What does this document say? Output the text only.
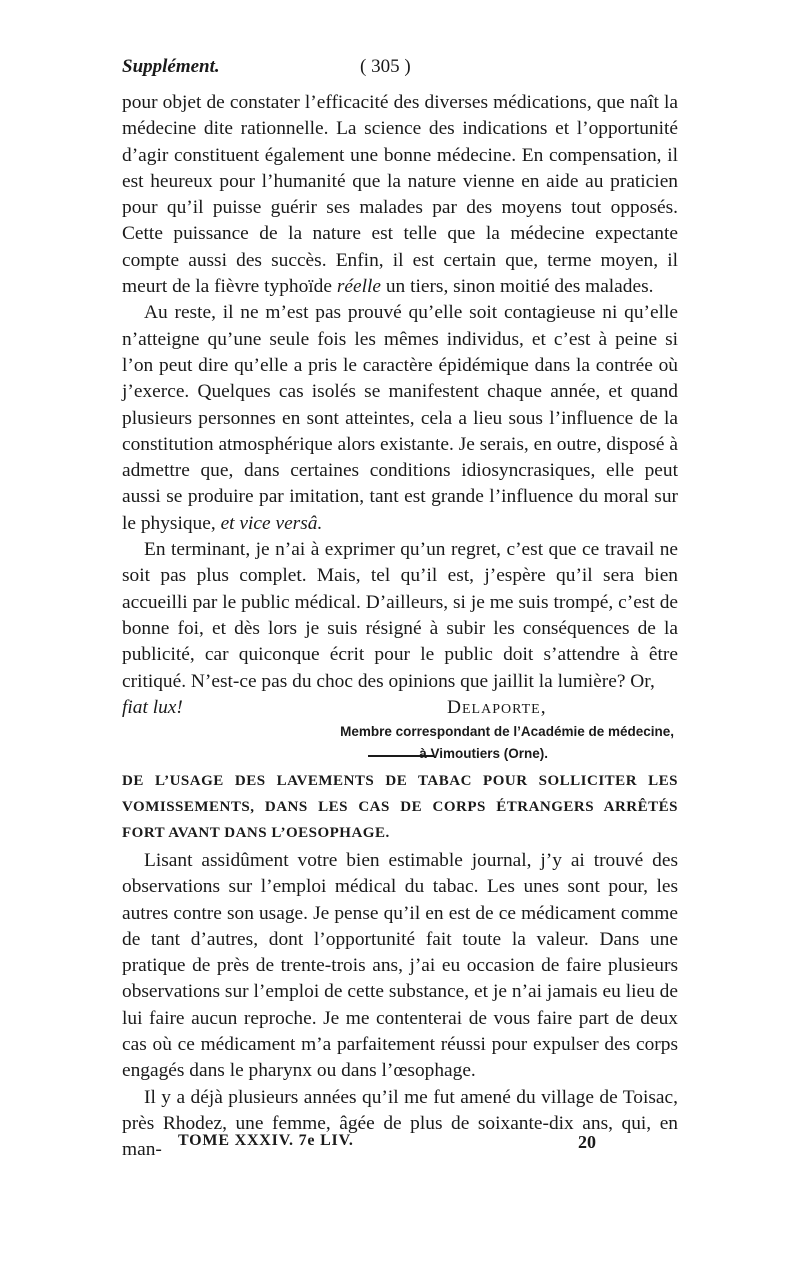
Supplément.	( 305 )

pour objet de constater l’efficacité des diverses médications, que naît la médecine dite rationnelle. La science des indications et l’opportunité d’agir constituent également une bonne médecine. En compensation, il est heureux pour l’humanité que la nature vienne en aide au praticien pour qu’il puisse guérir ses malades par des moyens tout opposés. Cette puissance de la nature est telle que la médecine expectante compte aussi des succès. Enfin, il est certain que, terme moyen, il meurt de la fièvre typhoïde réelle un tiers, sinon moitié des malades.

Au reste, il ne m’est pas prouvé qu’elle soit contagieuse ni qu’elle n’atteigne qu’une seule fois les mêmes individus, et c’est à peine si l’on peut dire qu’elle a pris le caractère épidémique dans la contrée où j’exerce. Quelques cas isolés se manifestent chaque année, et quand plusieurs personnes en sont atteintes, cela a lieu sous l’influence de la constitution atmosphérique alors existante. Je serais, en outre, disposé à admettre que, dans certaines conditions idiosyncrasiques, elle peut aussi se produire par imitation, tant est grande l’influence du moral sur le physique, et vice versâ.

En terminant, je n’ai à exprimer qu’un regret, c’est que ce travail ne soit pas plus complet. Mais, tel qu’il est, j’espère qu’il sera bien accueilli par le public médical. D’ailleurs, si je me suis trompé, c’est de bonne foi, et dès lors je suis résigné à subir les conséquences de la publicité, car quiconque écrit pour le public doit s’attendre à être critiqué. N’est-ce pas du choc des opinions que jaillit la lumière? Or,

fiat lux!	Delaporte,

Membre correspondant de l’Académie de médecine,

à Vimoutiers (Orne).

DE L’USAGE DES LAVEMENTS DE TABAC POUR SOLLICITER LES VOMISSEMENTS, DANS LES CAS DE CORPS ÉTRANGERS ARRÊTÉS FORT AVANT DANS L’OESOPHAGE.

Lisant assidûment votre bien estimable journal, j’y ai trouvé des observations sur l’emploi médical du tabac. Les unes sont pour, les autres contre son usage. Je pense qu’il en est de ce médicament comme de tant d’autres, dont l’opportunité fait toute la valeur. Dans une pratique de près de trente-trois ans, j’ai eu occasion de faire plusieurs observations sur l’emploi de cette substance, et je n’ai jamais eu lieu de lui faire aucun reproche. Je me contenterai de vous faire part de deux cas où ce médicament m’a parfaitement réussi pour expulser des corps engagés dans le pharynx ou dans l’œsophage.

Il y a déjà plusieurs années qu’il me fut amené du village de Toisac, près Rhodez, une femme, âgée de plus de soixante-dix ans, qui, en man-	TOME XXXIV. 7e LIV.	20
